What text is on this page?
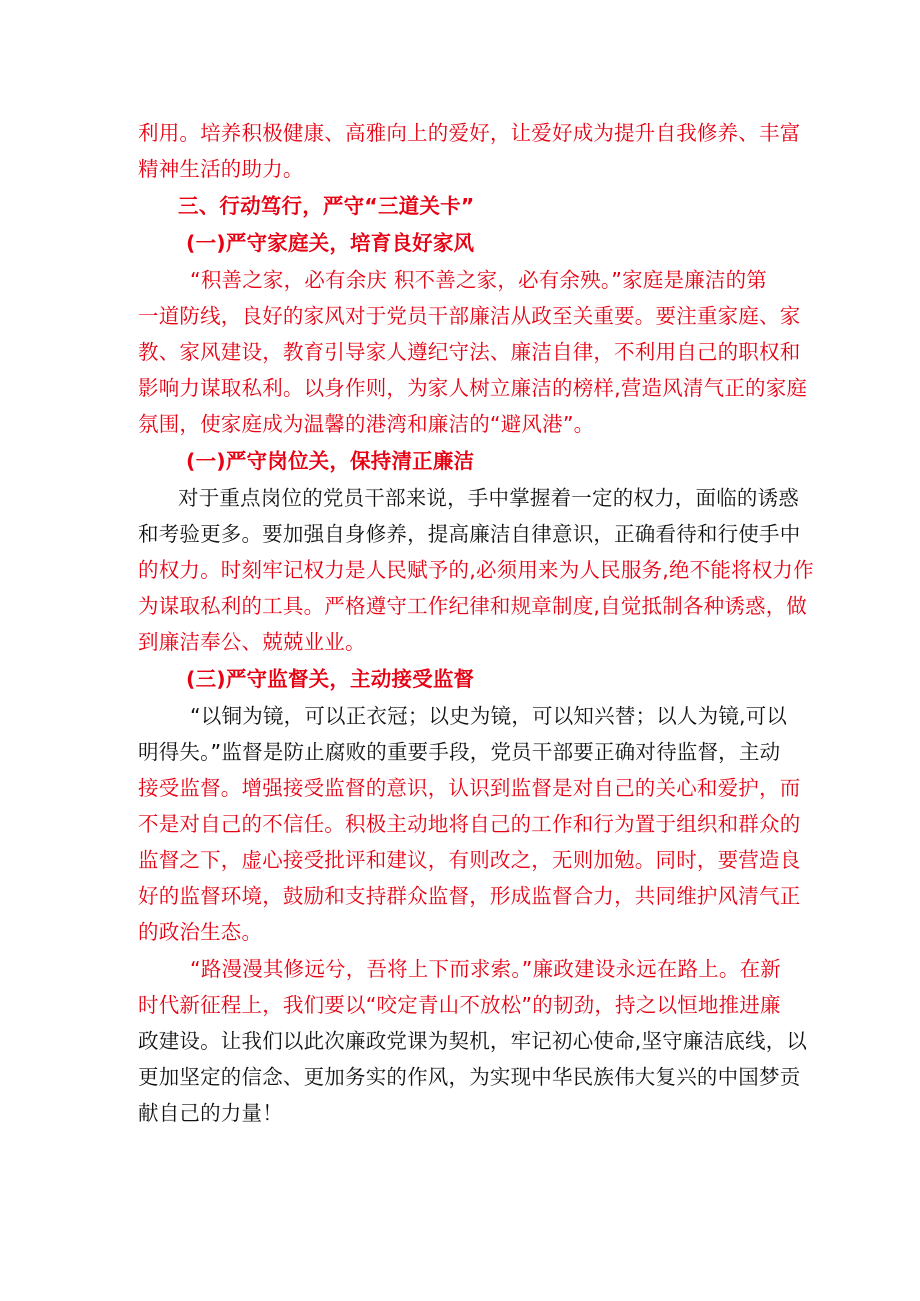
利用。培养积极健康、高雅向上的爱好，让爱好成为提升自我修养、丰富
精神生活的助力。
三、行动笃行，严守“三道关卡”
(一)严守家庭关，培育良好家风
“积善之家，必有余庆 积不善之家，必有余殃。”家庭是廉洁的第
一道防线，良好的家风对于党员干部廉洁从政至关重要。要注重家庭、家
教、家风建设，教育引导家人遵纪守法、廉洁自律，不利用自己的职权和
影响力谋取私利。以身作则，为家人树立廉洁的榜样,营造风清气正的家庭
氛围，使家庭成为温馨的港湾和廉洁的“避风港”。
(一)严守岗位关，保持清正廉洁
对于重点岗位的党员干部来说，手中掌握着一定的权力，面临的诱惑
和考验更多。要加强自身修养，提高廉洁自律意识，正确看待和行使手中
的权力。时刻牢记权力是人民赋予的,必须用来为人民服务,绝不能将权力作
为谋取私利的工具。严格遵守工作纪律和规章制度,自觉抵制各种诱惑，做
到廉洁奉公、兢兢业业。
(三)严守监督关，主动接受监督
“以铜为镜，可以正衣冠；以史为镜，可以知兴替；以人为镜,可以
明得失。”监督是防止腐败的重要手段，党员干部要正确对待监督，主动
接受监督。增强接受监督的意识，认识到监督是对自己的关心和爱护，而
不是对自己的不信任。积极主动地将自己的工作和行为置于组织和群众的
监督之下，虚心接受批评和建议，有则改之，无则加勉。同时，要营造良
好的监督环境，鼓励和支持群众监督，形成监督合力，共同维护风清气正
的政治生态。
“路漫漫其修远兮，吾将上下而求索。”廉政建设永远在路上。在新
时代新征程上，我们要以“咬定青山不放松”的韧劲，持之以恒地推进廉
政建设。让我们以此次廉政党课为契机，牢记初心使命,坚守廉洁底线，以
更加坚定的信念、更加务实的作风，为实现中华民族伟大复兴的中国梦贡
献自己的力量！
